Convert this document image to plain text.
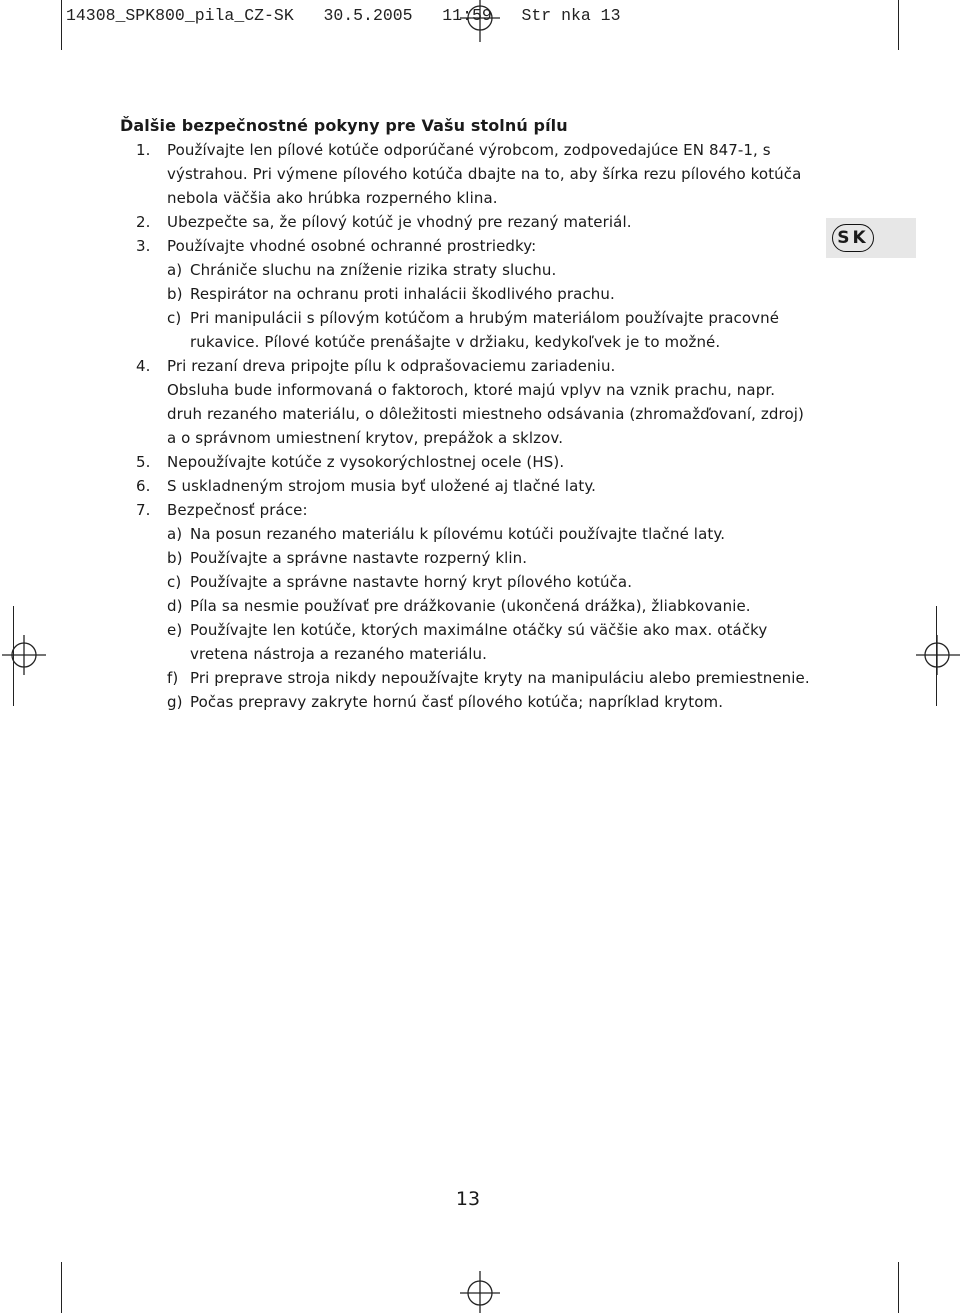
14308_SPK800_pila_CZ-SK   30.5.2005   11:59   Str nka 13
Ďalšie bezpečnostné pokyny pre Vašu stolnú pílu
1.	Používajte len pílové kotúče odporúčané výrobcom, zodpovedajúce EN 847-1, s
výstrahou. Pri výmene pílového kotúča dbajte na to, aby šírka rezu pílového kotúča
nebola väčšia ako hrúbka rozperného klina.
2.	Ubezpečte sa, že pílový kotúč je vhodný pre rezaný materiál.
3.	Používajte vhodné osobné ochranné prostriedky:
a) Chrániče sluchu na zníženie rizika straty sluchu.
b) Respirátor na ochranu proti inhalácii škodlivého prachu.
c) Pri manipulácii s pílovým kotúčom a hrubým materiálom používajte pracovné
rukavice. Pílové kotúče prenášajte v držiaku, kedykoľvek je to možné.
4.	Pri rezaní dreva pripojte pílu k odprašovaciemu zariadeniu.
Obsluha bude informovaná o faktoroch, ktoré majú vplyv na vznik prachu, napr.
druh rezaného materiálu, o dôležitosti miestneho odsávania (zhromažďovaní, zdroj)
a o správnom umiestnení krytov, prepážok a sklzov.
5.	Nepoužívajte kotúče z vysokorýchlostnej ocele (HS).
6.	S uskladneným strojom musia byť uložené aj tlačné laty.
7.	Bezpečnosť práce:
a) Na posun rezaného materiálu k pílovému kotúči používajte tlačné laty.
b) Používajte a správne nastavte rozperný klin.
c) Používajte a správne nastavte horný kryt pílového kotúča.
d) Píla sa nesmie používať pre drážkovanie (ukončená drážka), žliabkovanie.
e) Používajte len kotúče, ktorých maximálne otáčky sú väčšie ako max. otáčky
vretena nástroja a rezaného materiálu.
f) Pri preprave stroja nikdy nepoužívajte kryty na manipuláciu alebo premiestnenie.
g) Počas prepravy zakryte hornú časť pílového kotúča; napríklad krytom.
SK
13
